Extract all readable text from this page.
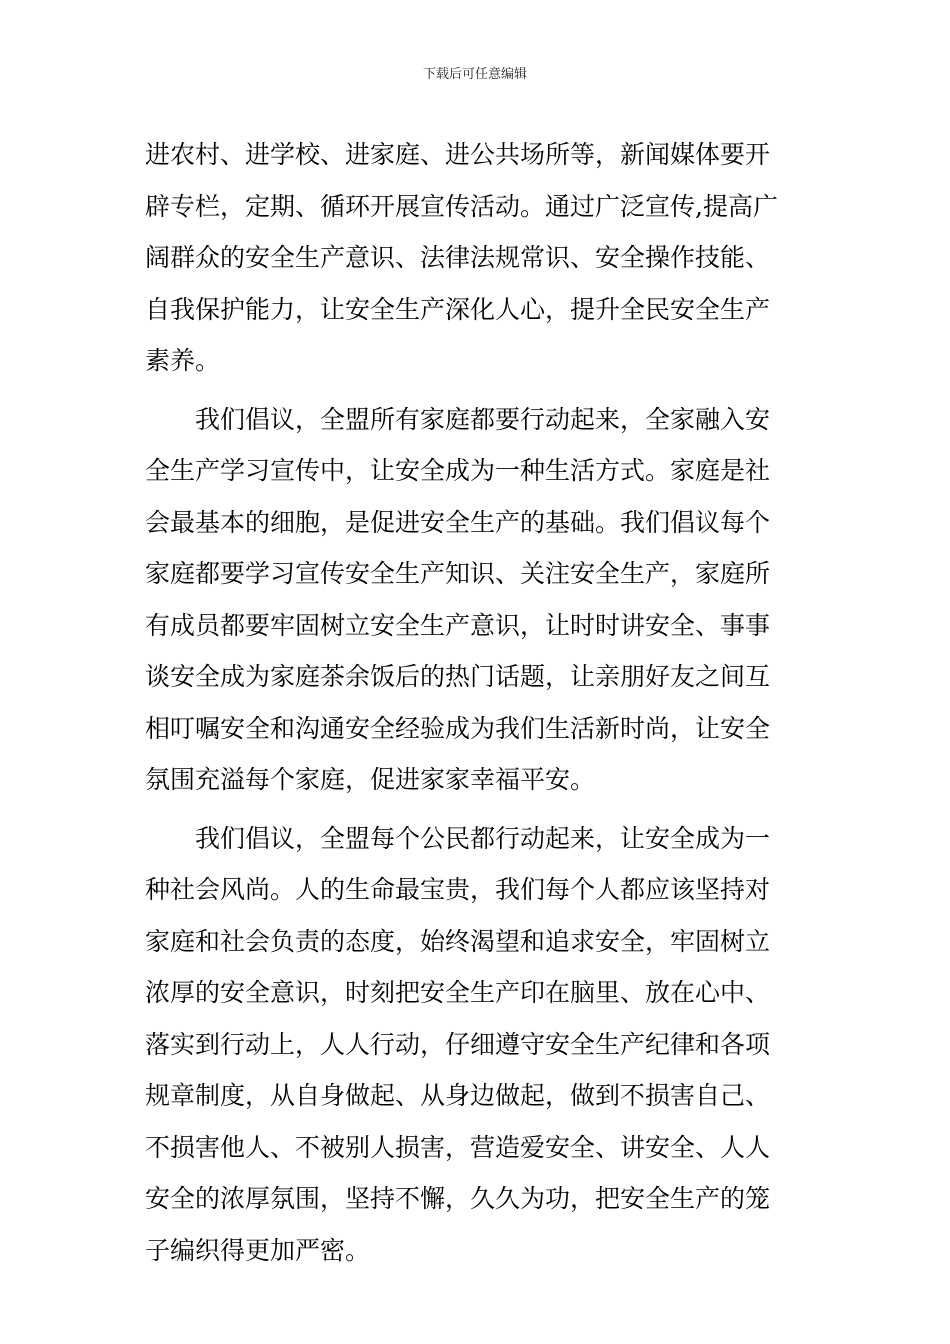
下载后可任意编辑
进农村、进学校、进家庭、进公共场所等，新闻媒体要开
辟专栏，定期、循环开展宣传活动。通过广泛宣传,提高广
阔群众的安全生产意识、法律法规常识、安全操作技能、
自我保护能力，让安全生产深化人心，提升全民安全生产
素养。
　　我们倡议，全盟所有家庭都要行动起来，全家融入安
全生产学习宣传中，让安全成为一种生活方式。家庭是社
会最基本的细胞，是促进安全生产的基础。我们倡议每个
家庭都要学习宣传安全生产知识、关注安全生产，家庭所
有成员都要牢固树立安全生产意识，让时时讲安全、事事
谈安全成为家庭茶余饭后的热门话题，让亲朋好友之间互
相叮嘱安全和沟通安全经验成为我们生活新时尚，让安全
氛围充溢每个家庭，促进家家幸福平安。
　　我们倡议，全盟每个公民都行动起来，让安全成为一
种社会风尚。人的生命最宝贵，我们每个人都应该坚持对
家庭和社会负责的态度，始终渴望和追求安全，牢固树立
浓厚的安全意识，时刻把安全生产印在脑里、放在心中、
落实到行动上，人人行动，仔细遵守安全生产纪律和各项
规章制度，从自身做起、从身边做起，做到不损害自己、
不损害他人、不被别人损害，营造爱安全、讲安全、人人
安全的浓厚氛围，坚持不懈，久久为功，把安全生产的笼
子编织得更加严密。
